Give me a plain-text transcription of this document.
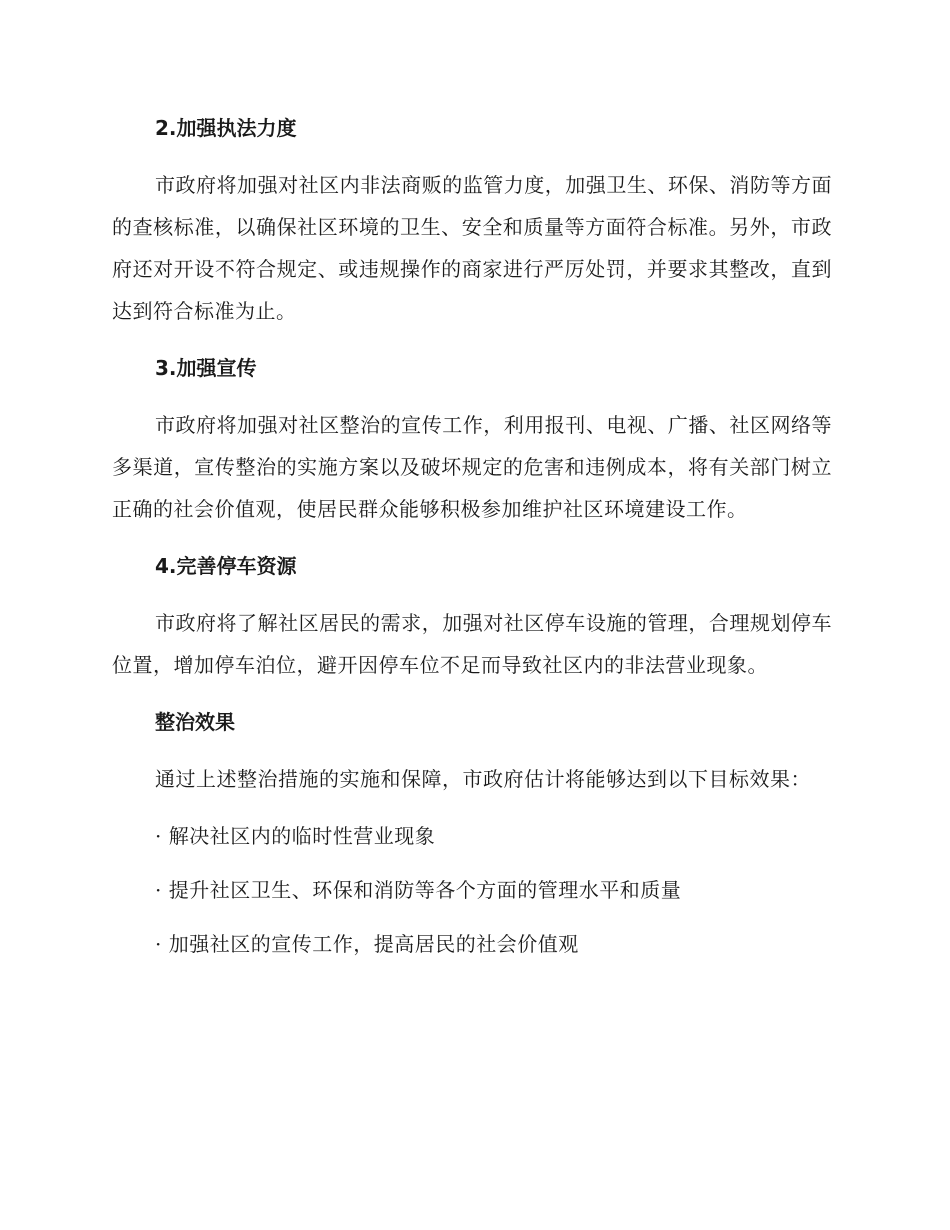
2.加强执法力度

市政府将加强对社区内非法商贩的监管力度，加强卫生、环保、消防等方面的查核标准，以确保社区环境的卫生、安全和质量等方面符合标准。另外，市政府还对开设不符合规定、或违规操作的商家进行严厉处罚，并要求其整改，直到达到符合标准为止。

3.加强宣传

市政府将加强对社区整治的宣传工作，利用报刊、电视、广播、社区网络等多渠道，宣传整治的实施方案以及破坏规定的危害和违例成本，将有关部门树立正确的社会价值观，使居民群众能够积极参加维护社区环境建设工作。

4.完善停车资源

市政府将了解社区居民的需求，加强对社区停车设施的管理，合理规划停车位置，增加停车泊位，避开因停车位不足而导致社区内的非法营业现象。

整治效果

通过上述整治措施的实施和保障，市政府估计将能够达到以下目标效果：

· 解决社区内的临时性营业现象
· 提升社区卫生、环保和消防等各个方面的管理水平和质量
· 加强社区的宣传工作，提高居民的社会价值观
